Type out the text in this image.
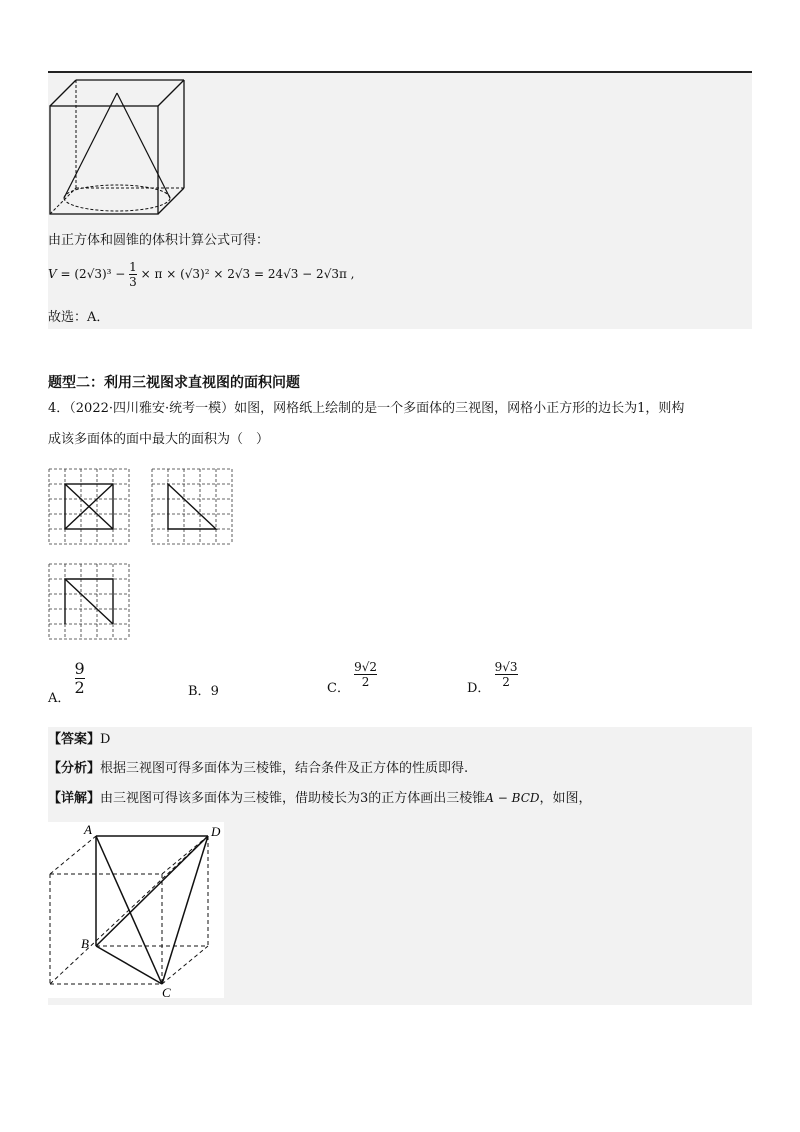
由正方体和圆锥的体积计算公式可得：
$V = (2√3)^3 - \frac{1}{3} \times \pi \times (√3)^2 \times 2√3 = 24√3 - 2√3\pi$ ,
故选：A．
题型二：利用三视图求直视图的面积问题
4．（2022·四川雅安·统考一模）如图，网格纸上绘制的是一个多面体的三视图，网格小正方形的边长为1，则构
成该多面体的面中最大的面积为（　）
A．
$\frac{9}{2}$	B．9	C． $\frac{9√2}{2}$	D． $\frac{9√3}{2}$
【答案】D
【分析】根据三视图可得多面体为三棱锥，结合条件及正方体的性质即得.
【详解】由三视图可得该多面体为三棱锥，借助棱长为3的正方体画出三棱锥A − BCD，如图，
A	D
B
C
